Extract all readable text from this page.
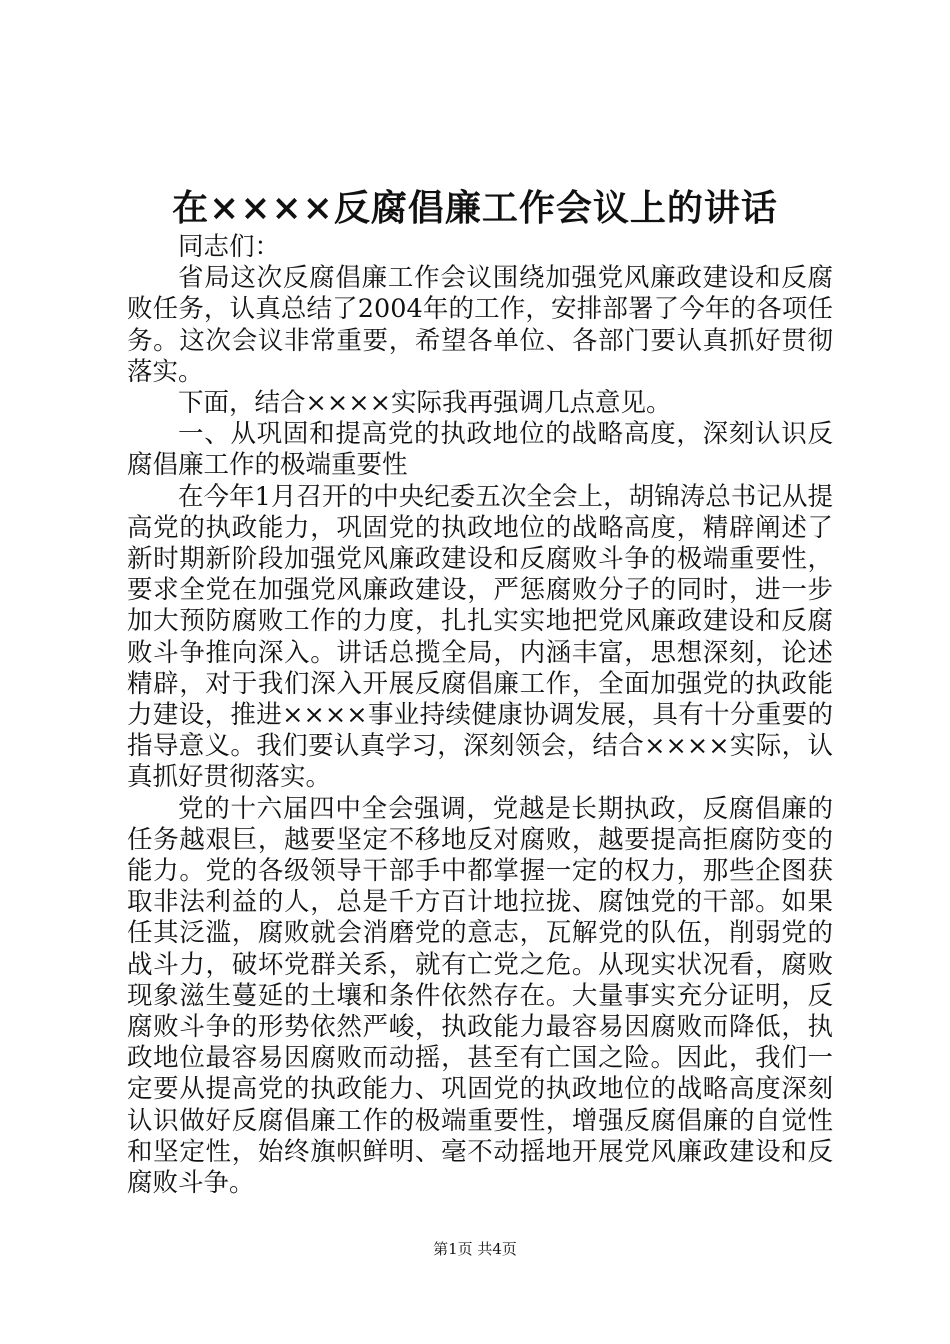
在××××反腐倡廉工作会议上的讲话

同志们：

省局这次反腐倡廉工作会议围绕加强党风廉政建设和反腐败任务，认真总结了2004年的工作，安排部署了今年的各项任务。这次会议非常重要，希望各单位、各部门要认真抓好贯彻落实。

下面，结合××××实际我再强调几点意见。

一、从巩固和提高党的执政地位的战略高度，深刻认识反腐倡廉工作的极端重要性

在今年1月召开的中央纪委五次全会上，胡锦涛总书记从提高党的执政能力，巩固党的执政地位的战略高度，精辟阐述了新时期新阶段加强党风廉政建设和反腐败斗争的极端重要性，要求全党在加强党风廉政建设，严惩腐败分子的同时，进一步加大预防腐败工作的力度，扎扎实实地把党风廉政建设和反腐败斗争推向深入。讲话总揽全局，内涵丰富，思想深刻，论述精辟，对于我们深入开展反腐倡廉工作，全面加强党的执政能力建设，推进××××事业持续健康协调发展，具有十分重要的指导意义。我们要认真学习，深刻领会，结合××××实际，认真抓好贯彻落实。

党的十六届四中全会强调，党越是长期执政，反腐倡廉的任务越艰巨，越要坚定不移地反对腐败，越要提高拒腐防变的能力。党的各级领导干部手中都掌握一定的权力，那些企图获取非法利益的人，总是千方百计地拉拢、腐蚀党的干部。如果任其泛滥，腐败就会消磨党的意志，瓦解党的队伍，削弱党的战斗力，破坏党群关系，就有亡党之危。从现实状况看，腐败现象滋生蔓延的土壤和条件依然存在。大量事实充分证明，反腐败斗争的形势依然严峻，执政能力最容易因腐败而降低，执政地位最容易因腐败而动摇，甚至有亡国之险。因此，我们一定要从提高党的执政能力、巩固党的执政地位的战略高度深刻认识做好反腐倡廉工作的极端重要性，增强反腐倡廉的自觉性和坚定性，始终旗帜鲜明、毫不动摇地开展党风廉政建设和反腐败斗争。

第1页 共4页
